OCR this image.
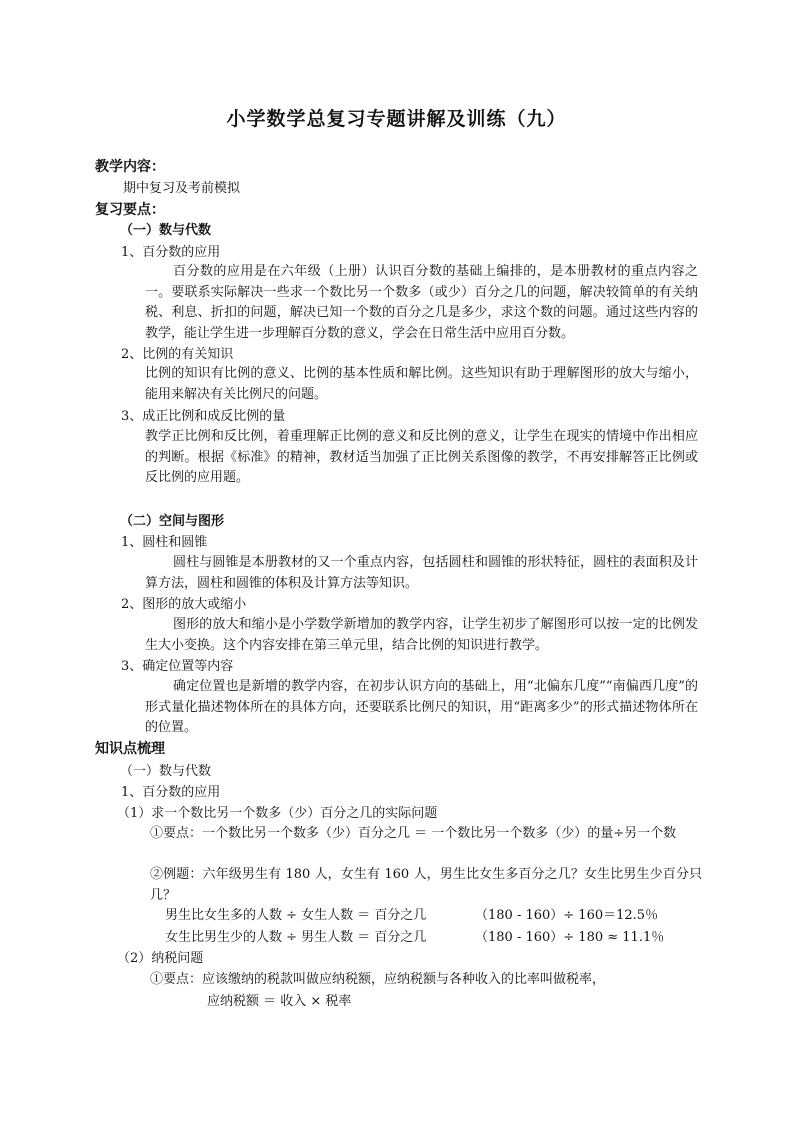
小学数学总复习专题讲解及训练（九）
教学内容：
期中复习及考前模拟
复习要点：
（一）数与代数
1、百分数的应用
百分数的应用是在六年级（上册）认识百分数的基础上编排的，是本册教材的重点内容之一。要联系实际解决一些求一个数比另一个数多（或少）百分之几的问题，解决较简单的有关纳税、利息、折扣的问题，解决已知一个数的百分之几是多少，求这个数的问题。通过这些内容的教学，能让学生进一步理解百分数的意义，学会在日常生活中应用百分数。
2、比例的有关知识
比例的知识有比例的意义、比例的基本性质和解比例。这些知识有助于理解图形的放大与缩小，能用来解决有关比例尺的问题。
3、成正比例和成反比例的量
教学正比例和反比例，着重理解正比例的意义和反比例的意义，让学生在现实的情境中作出相应的判断。根据《标准》的精神，教材适当加强了正比例关系图像的教学，不再安排解答正比例或反比例的应用题。
（二）空间与图形
1、圆柱和圆锥
圆柱与圆锥是本册教材的又一个重点内容，包括圆柱和圆锥的形状特征，圆柱的表面积及计算方法，圆柱和圆锥的体积及计算方法等知识。
2、图形的放大或缩小
图形的放大和缩小是小学数学新增加的教学内容，让学生初步了解图形可以按一定的比例发生大小变换。这个内容安排在第三单元里，结合比例的知识进行教学。
3、确定位置等内容
确定位置也是新增的教学内容，在初步认识方向的基础上，用“北偏东几度”“南偏西几度”的形式量化描述物体所在的具体方向，还要联系比例尺的知识，用“距离多少”的形式描述物体所在的位置。
知识点梳理
（一）数与代数
1、百分数的应用
（1）求一个数比另一个数多（少）百分之几的实际问题
①要点：一个数比另一个数多（少）百分之几 ＝ 一个数比另一个数多（少）的量÷另一个数
②例题：六年级男生有 180 人，女生有 160 人，男生比女生多百分之几？女生比男生少百分只几？
男生比女生多的人数 ÷ 女生人数 ＝ 百分之几	（180 - 160）÷ 160＝12.5％
女生比男生少的人数 ÷ 男生人数 ＝ 百分之几	（180 - 160）÷ 180 ≈ 11.1％
（2）纳税问题
①要点：应该缴纳的税款叫做应纳税额，应纳税额与各种收入的比率叫做税率，
应纳税额 ＝ 收入 × 税率
